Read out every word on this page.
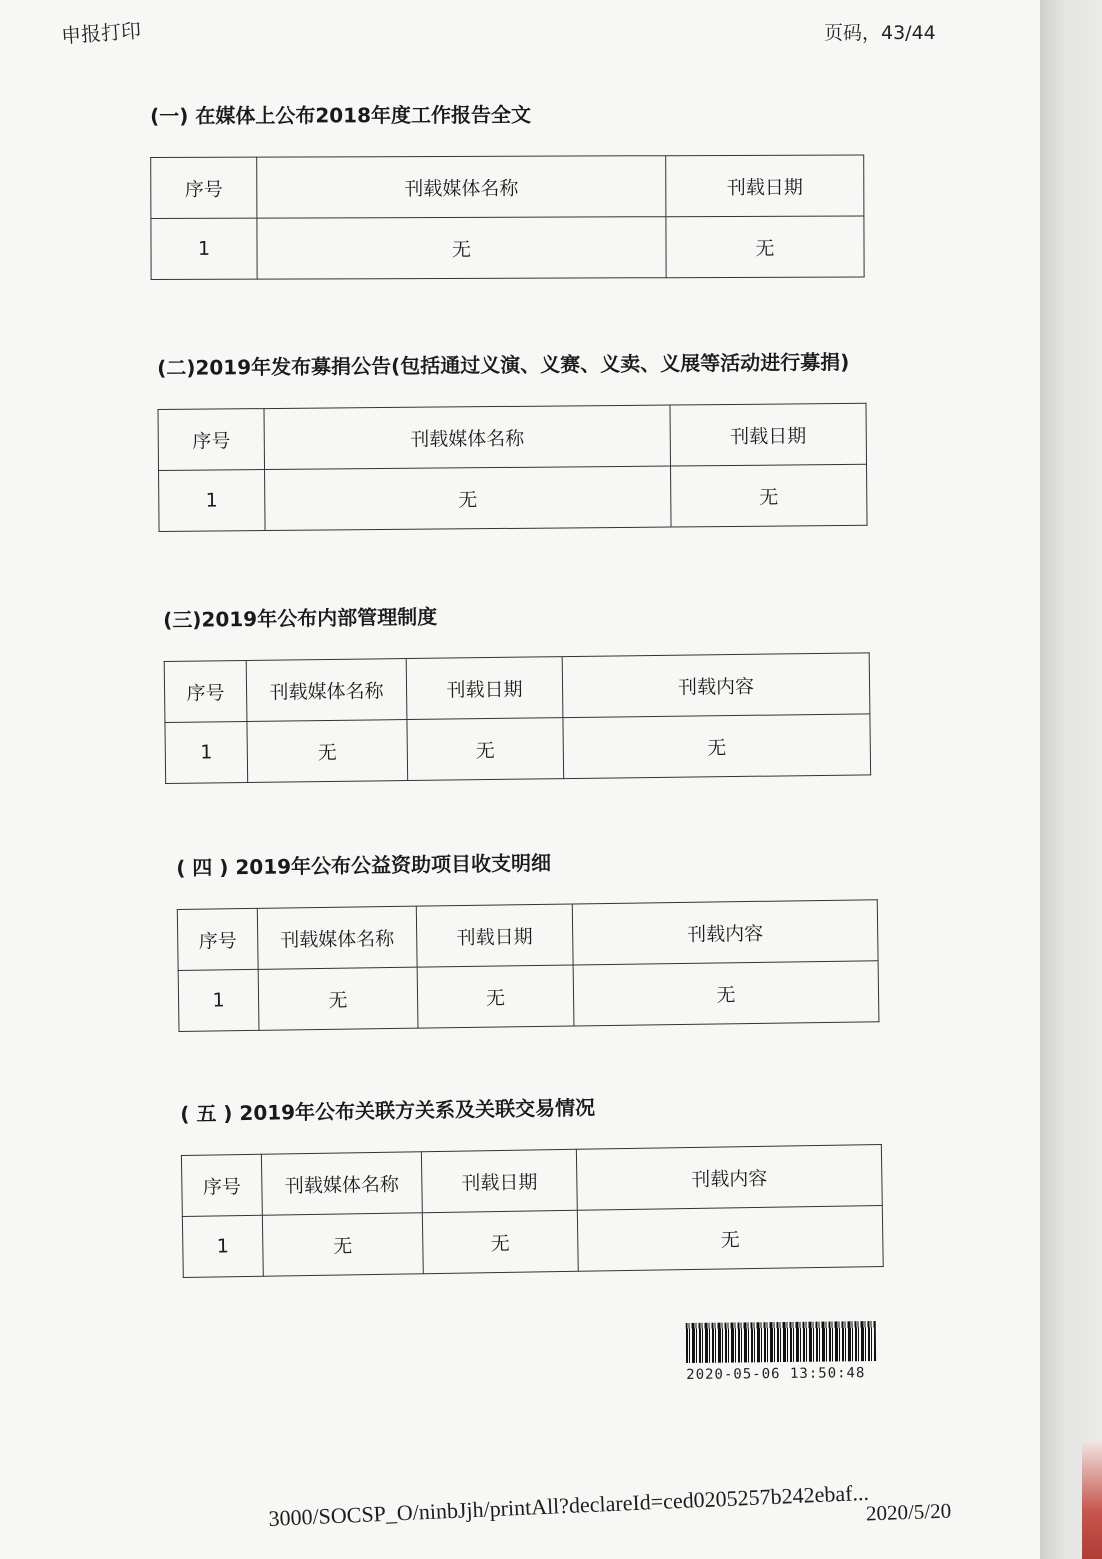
申报打印	页码，43/44
(一) 在媒体上公布2018年度工作报告全文
序号	刊载媒体名称	刊载日期
1	无	无
(二)2019年发布募捐公告(包括通过义演、义赛、义卖、义展等活动进行募捐)
序号	刊载媒体名称	刊载日期
1	无	无
(三)2019年公布内部管理制度
序号	刊载媒体名称	刊载日期	刊载内容
1	无	无	无
( 四 ) 2019年公布公益资助项目收支明细
序号	刊载媒体名称	刊载日期	刊载内容
1	无	无	无
( 五 ) 2019年公布关联方关系及关联交易情况
序号	刊载媒体名称	刊载日期	刊载内容
1	无	无	无
2020-05-06 13:50:48
3000/SOCSP_O/ninbJjh/printAll?declareId=ced0205257b242ebaf...
2020/5/20
